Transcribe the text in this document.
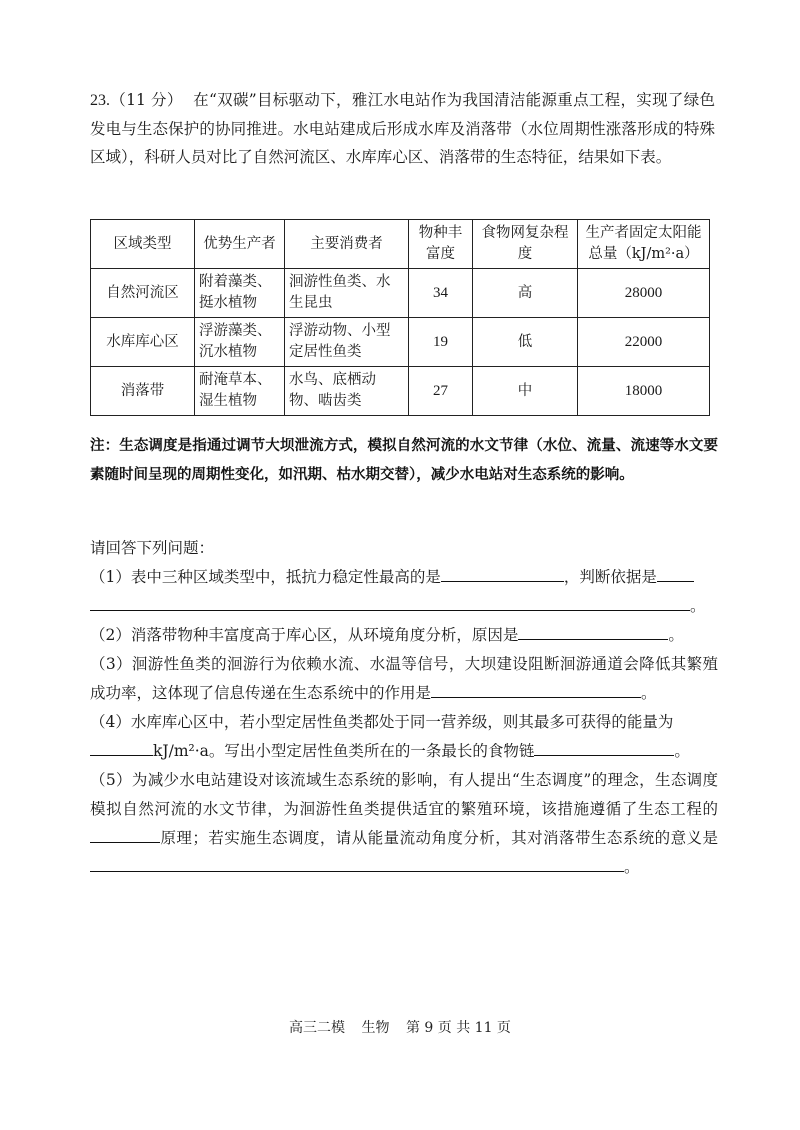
23.（11 分） 在“双碳”目标驱动下，雅江水电站作为我国清洁能源重点工程，实现了绿色发电与生态保护的协同推进。水电站建成后形成水库及消落带（水位周期性涨落形成的特殊区域），科研人员对比了自然河流区、水库库心区、消落带的生态特征，结果如下表。
区域类型	优势生产者	主要消费者	物种丰富度	食物网复杂程度	生产者固定太阳能总量（kJ/m²·a）
自然河流区	附着藻类、挺水植物	洄游性鱼类、水生昆虫	34	高	28000
水库库心区	浮游藻类、沉水植物	浮游动物、小型定居性鱼类	19	低	22000
消落带	耐淹草本、湿生植物	水鸟、底栖动物、啮齿类	27	中	18000
注：生态调度是指通过调节大坝泄流方式，模拟自然河流的水文节律（水位、流量、流速等水文要素随时间呈现的周期性变化，如汛期、枯水期交替），减少水电站对生态系统的影响。

请回答下列问题：

（1）表中三种区域类型中，抵抗力稳定性最高的是	，判断依据是

。

（2）消落带物种丰富度高于库心区，从环境角度分析，原因是	。

（3）洄游性鱼类的洄游行为依赖水流、水温等信号，大坝建设阻断洄游通道会降低其繁殖成功率，这体现了信息传递在生态系统中的作用是	。

（4）水库库心区中，若小型定居性鱼类都处于同一营养级，则其最多可获得的能量为
kJ/m²·a。写出小型定居性鱼类所在的一条最长的食物链	。

（5）为减少水电站建设对该流域生态系统的影响，有人提出“生态调度”的理念，生态调度模拟自然河流的水文节律，为洄游性鱼类提供适宜的繁殖环境，该措施遵循了生态工程的原理；若实施生态调度，请从能量流动角度分析，其对消落带生态系统的意义是。

高三二模 生物 第 9 页 共 11 页
